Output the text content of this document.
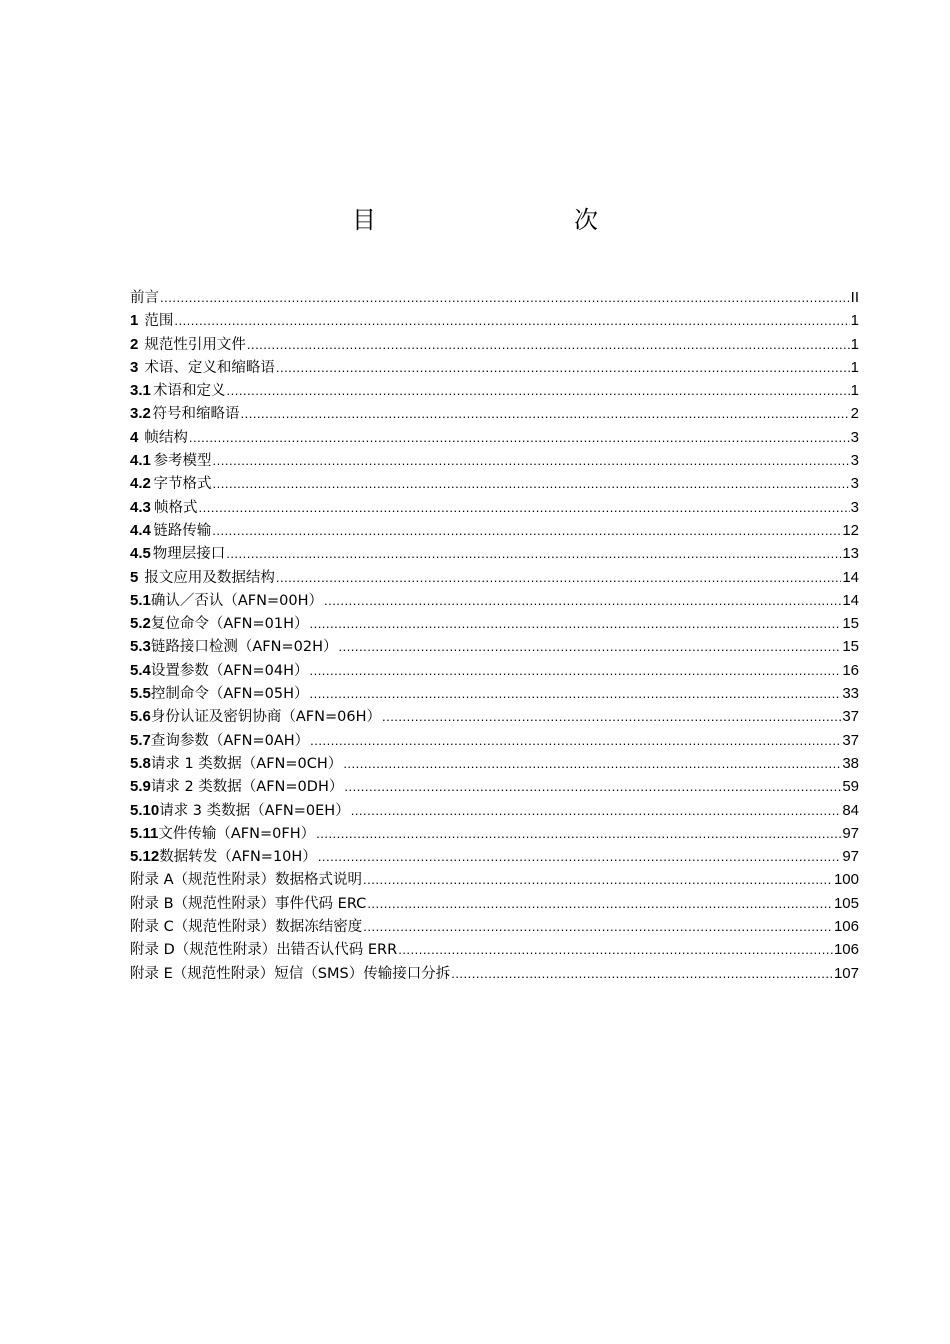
目　　次
前言 .....	II
1 范围 .....	1
2 规范性引用文件 .....	1
3 术语、定义和缩略语 .....	1
3.1 术语和定义 .....	1
3.2 符号和缩略语 .....	2
4 帧结构 .....	3
4.1 参考模型 .....	3
4.2 字节格式 .....	3
4.3 帧格式 .....	3
4.4 链路传输 .....	12
4.5 物理层接口 .....	13
5 报文应用及数据结构 .....	14
5.1 确认／否认（AFN=00H） .....	14
5.2 复位命令（AFN=01H） .....	15
5.3 链路接口检测（AFN=02H） .....	15
5.4 设置参数（AFN=04H） .....	16
5.5 控制命令（AFN=05H） .....	33
5.6 身份认证及密钥协商（AFN=06H） .....	37
5.7 查询参数（AFN=0AH） .....	37
5.8 请求 1 类数据（AFN=0CH） .....	38
5.9 请求 2 类数据（AFN=0DH） .....	59
5.10 请求 3 类数据（AFN=0EH） .....	84
5.11 文件传输（AFN=0FH） .....	97
5.12 数据转发（AFN=10H） .....	97
附录 A （规范性附录）数据格式说明 .....	100
附录 B （规范性附录）事件代码 ERC .....	105
附录 C （规范性附录）数据冻结密度 .....	106
附录 D （规范性附录）出错否认代码 ERR .....	106
附录 E （规范性附录）短信（SMS）传输接口分拆 .....	107
